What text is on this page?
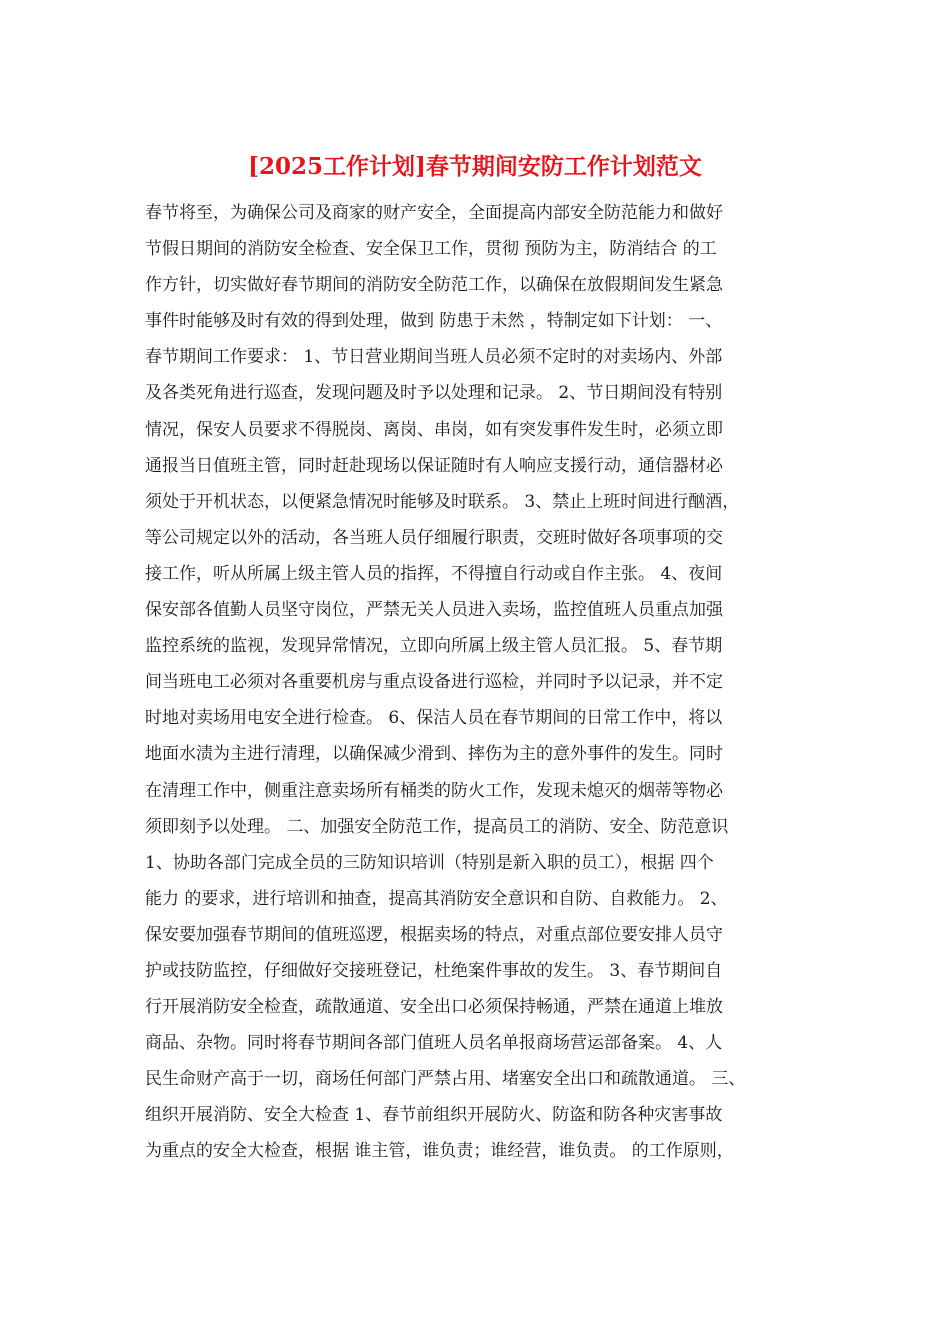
[2025工作计划]春节期间安防工作计划范文
春节将至，为确保公司及商家的财产安全，全面提高内部安全防范能力和做好
节假日期间的消防安全检查、安全保卫工作，贯彻 预防为主，防消结合 的工
作方针，切实做好春节期间的消防安全防范工作，以确保在放假期间发生紧急
事件时能够及时有效的得到处理，做到 防患于未然 ，特制定如下计划： 一、
春节期间工作要求： 1、节日营业期间当班人员必须不定时的对卖场内、外部
及各类死角进行巡查，发现问题及时予以处理和记录。 2、节日期间没有特别
情况，保安人员要求不得脱岗、离岗、串岗，如有突发事件发生时，必须立即
通报当日值班主管，同时赶赴现场以保证随时有人响应支援行动，通信器材必
须处于开机状态，以便紧急情况时能够及时联系。 3、禁止上班时间进行酗酒，
等公司规定以外的活动，各当班人员仔细履行职责，交班时做好各项事项的交
接工作，听从所属上级主管人员的指挥，不得擅自行动或自作主张。 4、夜间
保安部各值勤人员坚守岗位，严禁无关人员进入卖场，监控值班人员重点加强
监控系统的监视，发现异常情况，立即向所属上级主管人员汇报。 5、春节期
间当班电工必须对各重要机房与重点设备进行巡检，并同时予以记录，并不定
时地对卖场用电安全进行检查。 6、保洁人员在春节期间的日常工作中，将以
地面水渍为主进行清理，以确保减少滑到、摔伤为主的意外事件的发生。同时
在清理工作中，侧重注意卖场所有桶类的防火工作，发现未熄灭的烟蒂等物必
须即刻予以处理。 二、加强安全防范工作，提高员工的消防、安全、防范意识
1、协助各部门完成全员的三防知识培训（特别是新入职的员工），根据 四个
能力 的要求，进行培训和抽查，提高其消防安全意识和自防、自救能力。 2、
保安要加强春节期间的值班巡逻，根据卖场的特点，对重点部位要安排人员守
护或技防监控，仔细做好交接班登记，杜绝案件事故的发生。 3、春节期间自
行开展消防安全检查，疏散通道、安全出口必须保持畅通，严禁在通道上堆放
商品、杂物。同时将春节期间各部门值班人员名单报商场营运部备案。 4、人
民生命财产高于一切，商场任何部门严禁占用、堵塞安全出口和疏散通道。 三、
组织开展消防、安全大检查 1、春节前组织开展防火、防盗和防各种灾害事故
为重点的安全大检查，根据 谁主管，谁负责；谁经营，谁负责。 的工作原则，
